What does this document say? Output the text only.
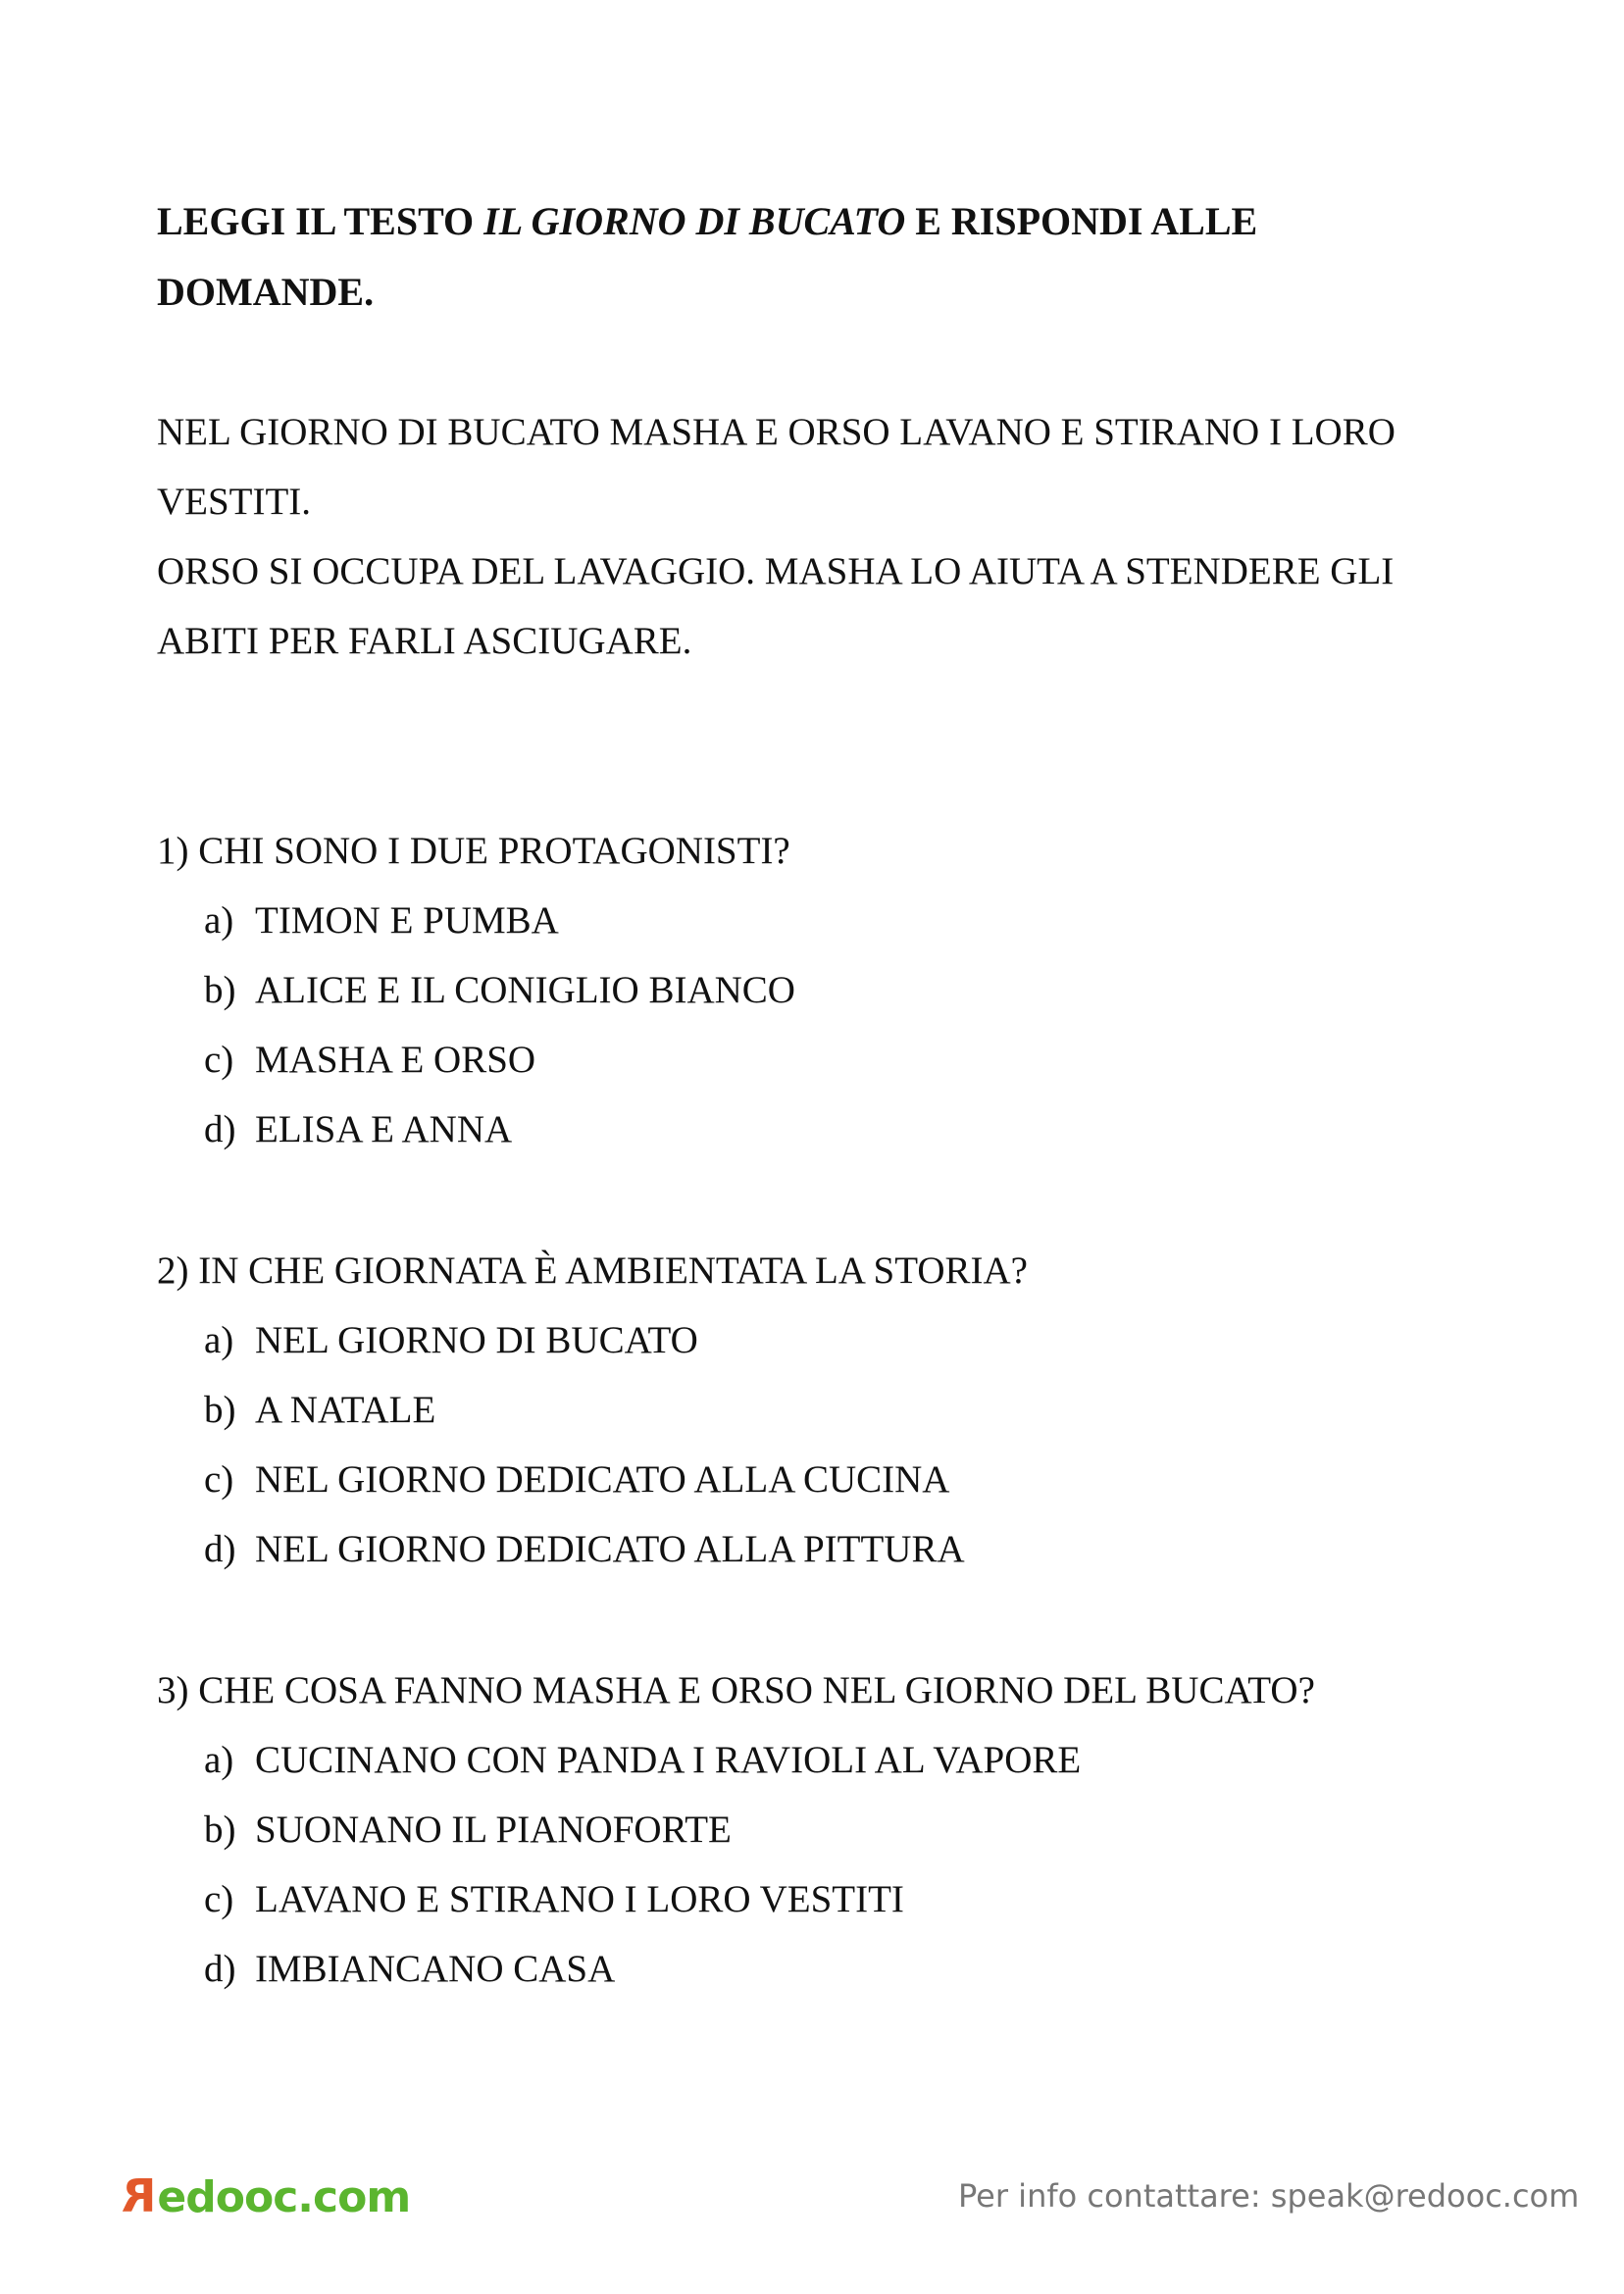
LEGGI IL TESTO IL GIORNO DI BUCATO E RISPONDI ALLE DOMANDE.

NEL GIORNO DI BUCATO MASHA E ORSO LAVANO E STIRANO I LORO VESTITI.

ORSO SI OCCUPA DEL LAVAGGIO. MASHA LO AIUTA A STENDERE GLI ABITI PER FARLI ASCIUGARE.

1) CHI SONO I DUE PROTAGONISTI?

a) TIMON E PUMBA
b) ALICE E IL CONIGLIO BIANCO
c) MASHA E ORSO
d) ELISA E ANNA

2) IN CHE GIORNATA È AMBIENTATA LA STORIA?

a) NEL GIORNO DI BUCATO
b) A NATALE
c) NEL GIORNO DEDICATO ALLA CUCINA
d) NEL GIORNO DEDICATO ALLA PITTURA

3) CHE COSA FANNO MASHA E ORSO NEL GIORNO DEL BUCATO?

a) CUCINANO CON PANDA I RAVIOLI AL VAPORE
b) SUONANO IL PIANOFORTE
c) LAVANO E STIRANO I LORO VESTITI
d) IMBIANCANO CASA
R edooc.com	Per info contattare: speak@redooc.com
